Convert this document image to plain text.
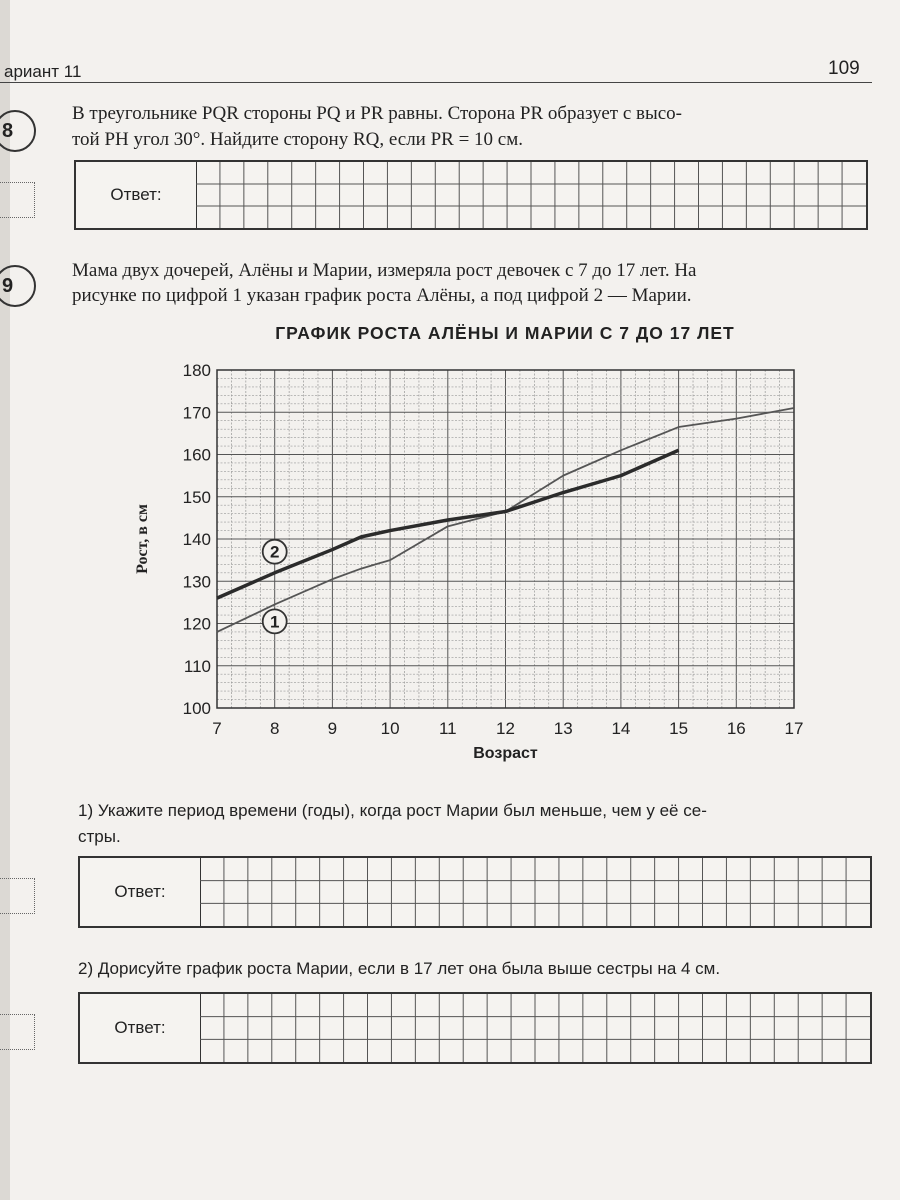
ариант 11	109
8
В треугольнике PQR стороны PQ и PR равны. Сторона PR образует с высо-
той PH угол 30°. Найдите сторону RQ, если PR = 10 см.
Ответ:
9
Мама двух дочерей, Алёны и Марии, измеряла рост девочек с 7 до 17 лет. На
рисунке по цифрой 1 указан график роста Алёны, а под цифрой 2 — Марии.
ГРАФИК РОСТА АЛЁНЫ И МАРИИ С 7 ДО 17 ЛЕТ
100
110
120
130
140
150
160
170
180
7	8	9	10 11 12 13 14 15 16 17
Возраст
Рост, в см
1
2
1) Укажите период времени (годы), когда рост Марии был меньше, чем у её се-
стры.
Ответ:
2) Дорисуйте график роста Марии, если в 17 лет она была выше сестры на 4 см.
Ответ:
